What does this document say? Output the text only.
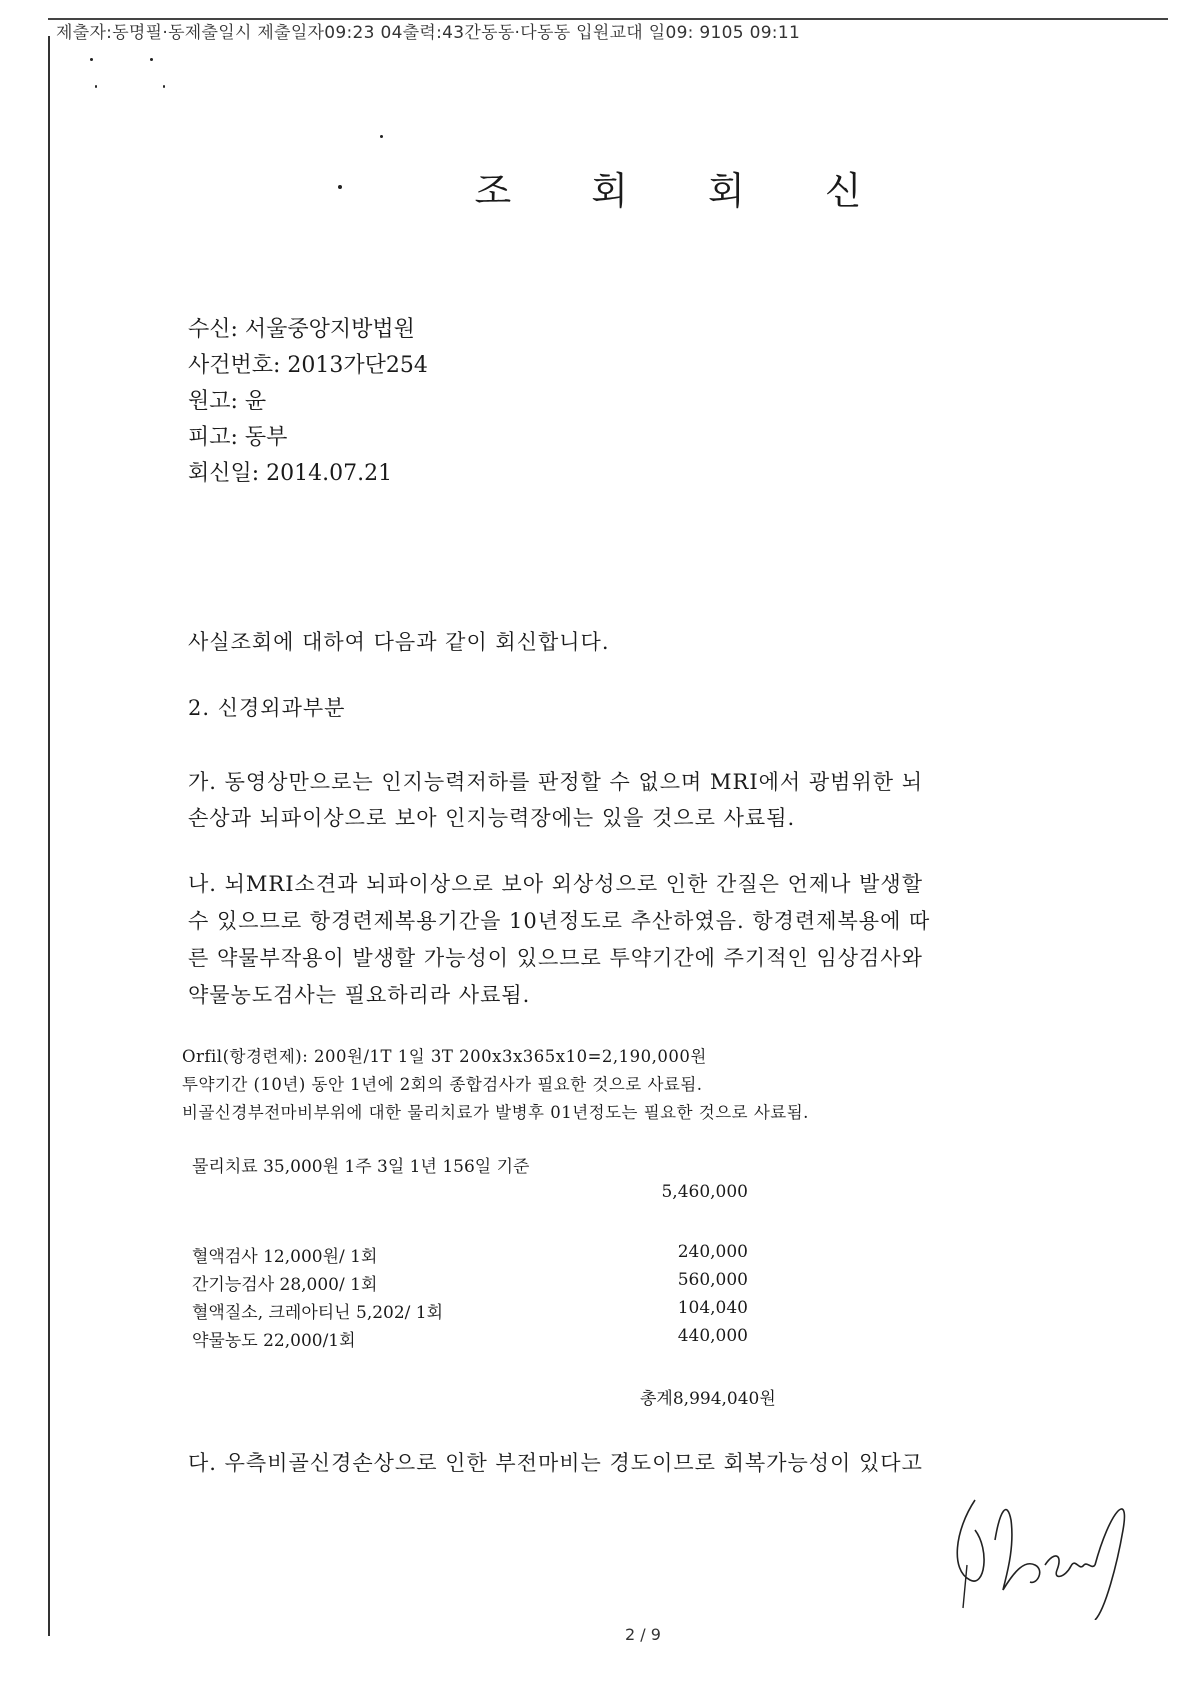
제출자:동명필·동제출일시 제출일자09:23 04출력:43간동동·다동동 입원교대 일09: 9105 09:11
조 회 회 신
수신: 서울중앙지방법원
사건번호: 2013가단254
원고: 윤
피고: 동부
회신일: 2014.07.21
사실조회에 대하여 다음과 같이 회신합니다.
2. 신경외과부분
가. 동영상만으로는 인지능력저하를 판정할 수 없으며 MRI에서 광범위한 뇌
손상과 뇌파이상으로 보아 인지능력장에는 있을 것으로 사료됨.
나. 뇌MRI소견과 뇌파이상으로 보아 외상성으로 인한 간질은 언제나 발생할
수 있으므로 항경련제복용기간을 10년정도로 추산하였음. 항경련제복용에 따
른 약물부작용이 발생할 가능성이 있으므로 투약기간에 주기적인 임상검사와
약물농도검사는 필요하리라 사료됨.
Orfil(항경련제): 200원/1T 1일 3T 200x3x365x10=2,190,000원
투약기간 (10년) 동안 1년에 2회의 종합검사가 필요한 것으로 사료됨.
비골신경부전마비부위에 대한 물리치료가 발병후 01년정도는 필요한 것으로 사료됨.
물리치료 35,000원 1주 3일 1년 156일 기준
5,460,000
혈액검사 12,000원/ 1회	240,000
간기능검사 28,000/ 1회	560,000
혈액질소, 크레아티닌 5,202/ 1회	104,040
약물농도 22,000/1회	440,000
총계8,994,040원
다. 우측비골신경손상으로 인한 부전마비는 경도이므로 회복가능성이 있다고
2 / 9
